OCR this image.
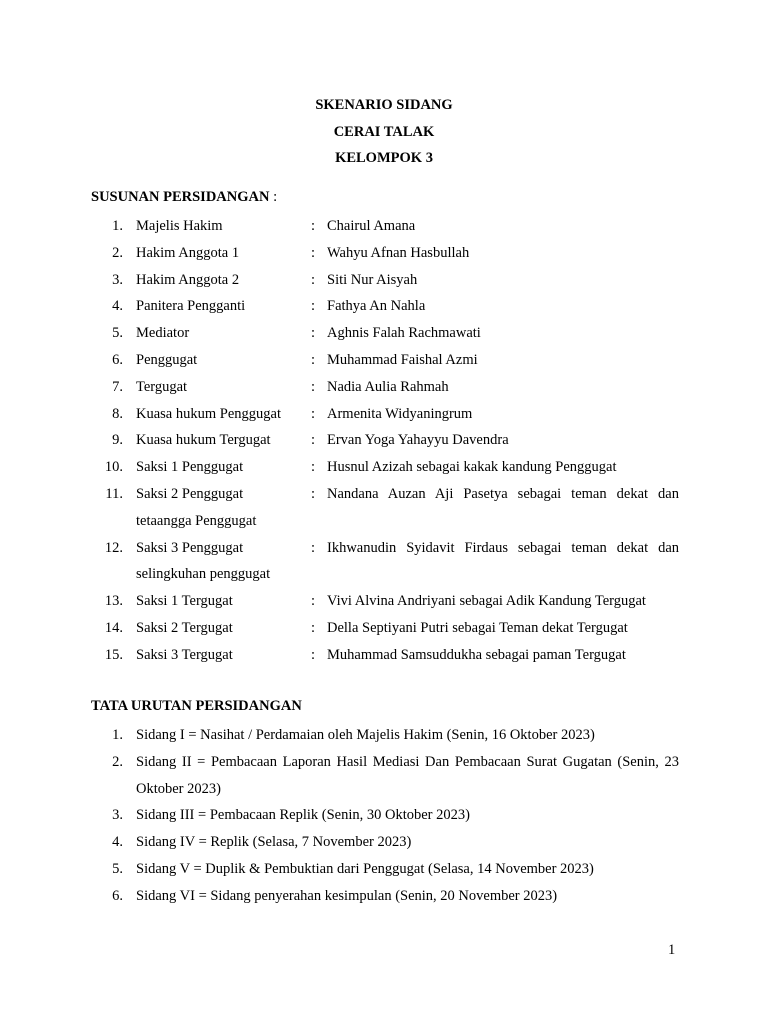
SKENARIO SIDANG
CERAI TALAK
KELOMPOK 3
SUSUNAN PERSIDANGAN :
1. Majelis Hakim	: Chairul Amana
2. Hakim Anggota 1	: Wahyu Afnan Hasbullah
3. Hakim Anggota 2	: Siti Nur Aisyah
4. Panitera Pengganti	: Fathya An Nahla
5. Mediator	: Aghnis Falah Rachmawati
6. Penggugat	: Muhammad Faishal Azmi
7. Tergugat	: Nadia Aulia Rahmah
8. Kuasa hukum Penggugat	: Armenita Widyaningrum
9. Kuasa hukum Tergugat	: Ervan Yoga Yahayyu Davendra
10. Saksi 1 Penggugat	: Husnul Azizah sebagai kakak kandung Penggugat
11. Saksi 2 Penggugat	: Nandana Auzan Aji Pasetya sebagai teman dekat dan
tetaangga Penggugat
12. Saksi 3 Penggugat	: Ikhwanudin Syidavit Firdaus sebagai teman dekat dan
selingkuhan penggugat
13. Saksi 1 Tergugat	: Vivi Alvina Andriyani sebagai Adik Kandung Tergugat
14. Saksi 2 Tergugat	: Della Septiyani Putri sebagai Teman dekat Tergugat
15. Saksi 3 Tergugat	: Muhammad Samsuddukha sebagai paman Tergugat
TATA URUTAN PERSIDANGAN
1. Sidang I = Nasihat / Perdamaian oleh Majelis Hakim (Senin, 16 Oktober 2023)
2. Sidang II = Pembacaan Laporan Hasil Mediasi Dan Pembacaan Surat Gugatan (Senin, 23 Oktober 2023)
3. Sidang III = Pembacaan Replik (Senin, 30 Oktober 2023)
4. Sidang IV = Replik (Selasa, 7 November 2023)
5. Sidang V = Duplik & Pembuktian dari Penggugat (Selasa, 14 November 2023)
6. Sidang VI = Sidang penyerahan kesimpulan (Senin, 20 November 2023)
1
